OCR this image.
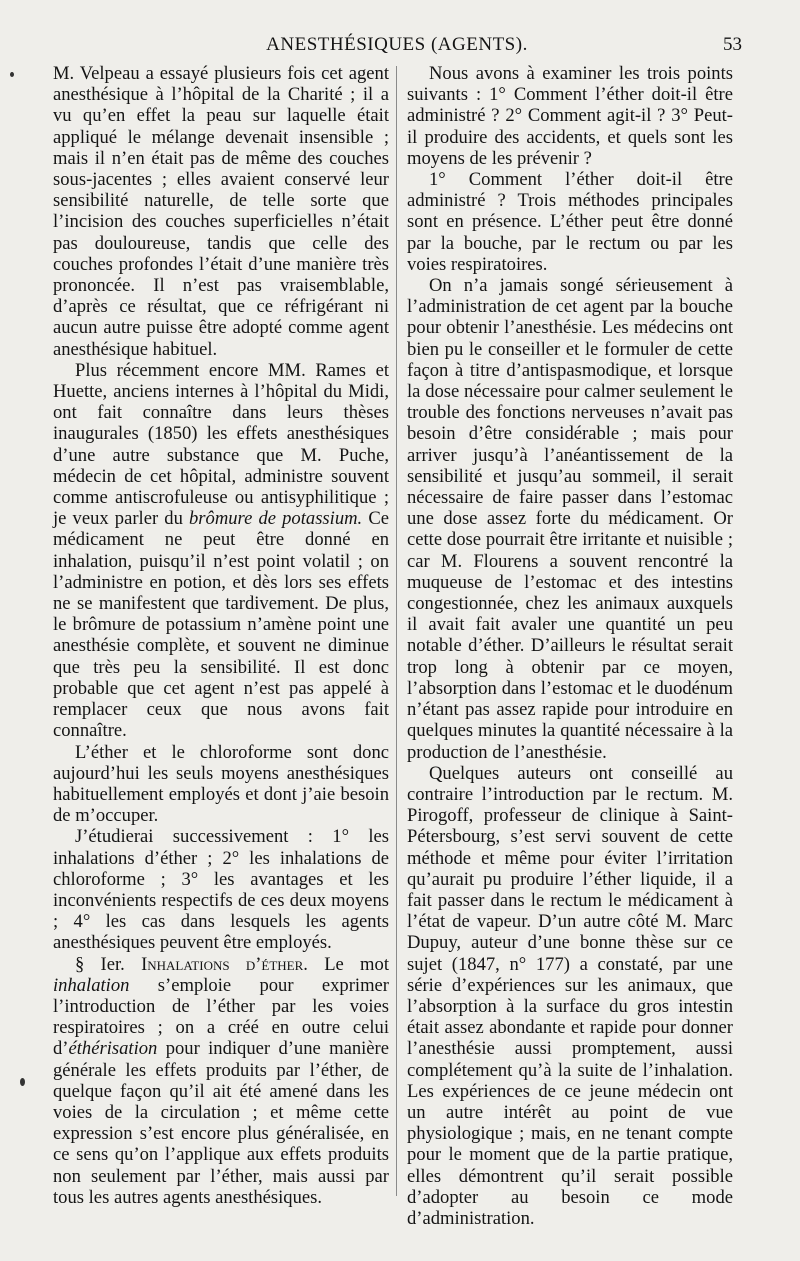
ANESTHÉSIQUES (AGENTS).	53

M. Velpeau a essayé plusieurs fois cet agent anesthésique à l’hôpital de la Charité ; il a vu qu’en effet la peau sur laquelle était appliqué le mélange devenait insensible ; mais il n’en était pas de même des couches sous-jacentes ; elles avaient conservé leur sensibilité naturelle, de telle sorte que l’incision des couches superficielles n’était pas douloureuse, tandis que celle des couches profondes l’était d’une manière très prononcée. Il n’est pas vraisemblable, d’après ce résultat, que ce réfrigérant ni aucun autre puisse être adopté comme agent anesthésique habituel.

Plus récemment encore MM. Rames et Huette, anciens internes à l’hôpital du Midi, ont fait connaître dans leurs thèses inaugurales (1850) les effets anesthésiques d’une autre substance que M. Puche, médecin de cet hôpital, administre souvent comme antiscrofuleuse ou antisyphilitique ; je veux parler du brômure de potassium. Ce médicament ne peut être donné en inhalation, puisqu’il n’est point volatil ; on l’administre en potion, et dès lors ses effets ne se manifestent que tardivement. De plus, le brômure de potassium n’amène point une anesthésie complète, et souvent ne diminue que très peu la sensibilité. Il est donc probable que cet agent n’est pas appelé à remplacer ceux que nous avons fait connaître.

L’éther et le chloroforme sont donc aujourd’hui les seuls moyens anesthésiques habituellement employés et dont j’aie besoin de m’occuper.

J’étudierai successivement : 1° les inhalations d’éther ; 2° les inhalations de chloroforme ; 3° les avantages et les inconvénients respectifs de ces deux moyens ; 4° les cas dans lesquels les agents anesthésiques peuvent être employés.

§ Ier. Inhalations d’éther. Le mot inhalation s’emploie pour exprimer l’introduction de l’éther par les voies respiratoires ; on a créé en outre celui d’éthérisation pour indiquer d’une manière générale les effets produits par l’éther, de quelque façon qu’il ait été amené dans les voies de la circulation ; et même cette expression s’est encore plus généralisée, en ce sens qu’on l’applique aux effets produits non seulement par l’éther, mais aussi par tous les autres agents anesthésiques.

Nous avons à examiner les trois points suivants : 1° Comment l’éther doit-il être administré ? 2° Comment agit-il ? 3° Peut-il produire des accidents, et quels sont les moyens de les prévenir ?

1° Comment l’éther doit-il être administré ? Trois méthodes principales sont en présence. L’éther peut être donné par la bouche, par le rectum ou par les voies respiratoires.

On n’a jamais songé sérieusement à l’administration de cet agent par la bouche pour obtenir l’anesthésie. Les médecins ont bien pu le conseiller et le formuler de cette façon à titre d’antispasmodique, et lorsque la dose nécessaire pour calmer seulement le trouble des fonctions nerveuses n’avait pas besoin d’être considérable ; mais pour arriver jusqu’à l’anéantissement de la sensibilité et jusqu’au sommeil, il serait nécessaire de faire passer dans l’estomac une dose assez forte du médicament. Or cette dose pourrait être irritante et nuisible ; car M. Flourens a souvent rencontré la muqueuse de l’estomac et des intestins congestionnée, chez les animaux auxquels il avait fait avaler une quantité un peu notable d’éther. D’ailleurs le résultat serait trop long à obtenir par ce moyen, l’absorption dans l’estomac et le duodénum n’étant pas assez rapide pour introduire en quelques minutes la quantité nécessaire à la production de l’anesthésie.

Quelques auteurs ont conseillé au contraire l’introduction par le rectum. M. Pirogoff, professeur de clinique à Saint-Pétersbourg, s’est servi souvent de cette méthode et même pour éviter l’irritation qu’aurait pu produire l’éther liquide, il a fait passer dans le rectum le médicament à l’état de vapeur. D’un autre côté M. Marc Dupuy, auteur d’une bonne thèse sur ce sujet (1847, n° 177) a constaté, par une série d’expériences sur les animaux, que l’absorption à la surface du gros intestin était assez abondante et rapide pour donner l’anesthésie aussi promptement, aussi complétement qu’à la suite de l’inhalation. Les expériences de ce jeune médecin ont un autre intérêt au point de vue physiologique ; mais, en ne tenant compte pour le moment que de la partie pratique, elles démontrent qu’il serait possible d’adopter au besoin ce mode d’administration.
